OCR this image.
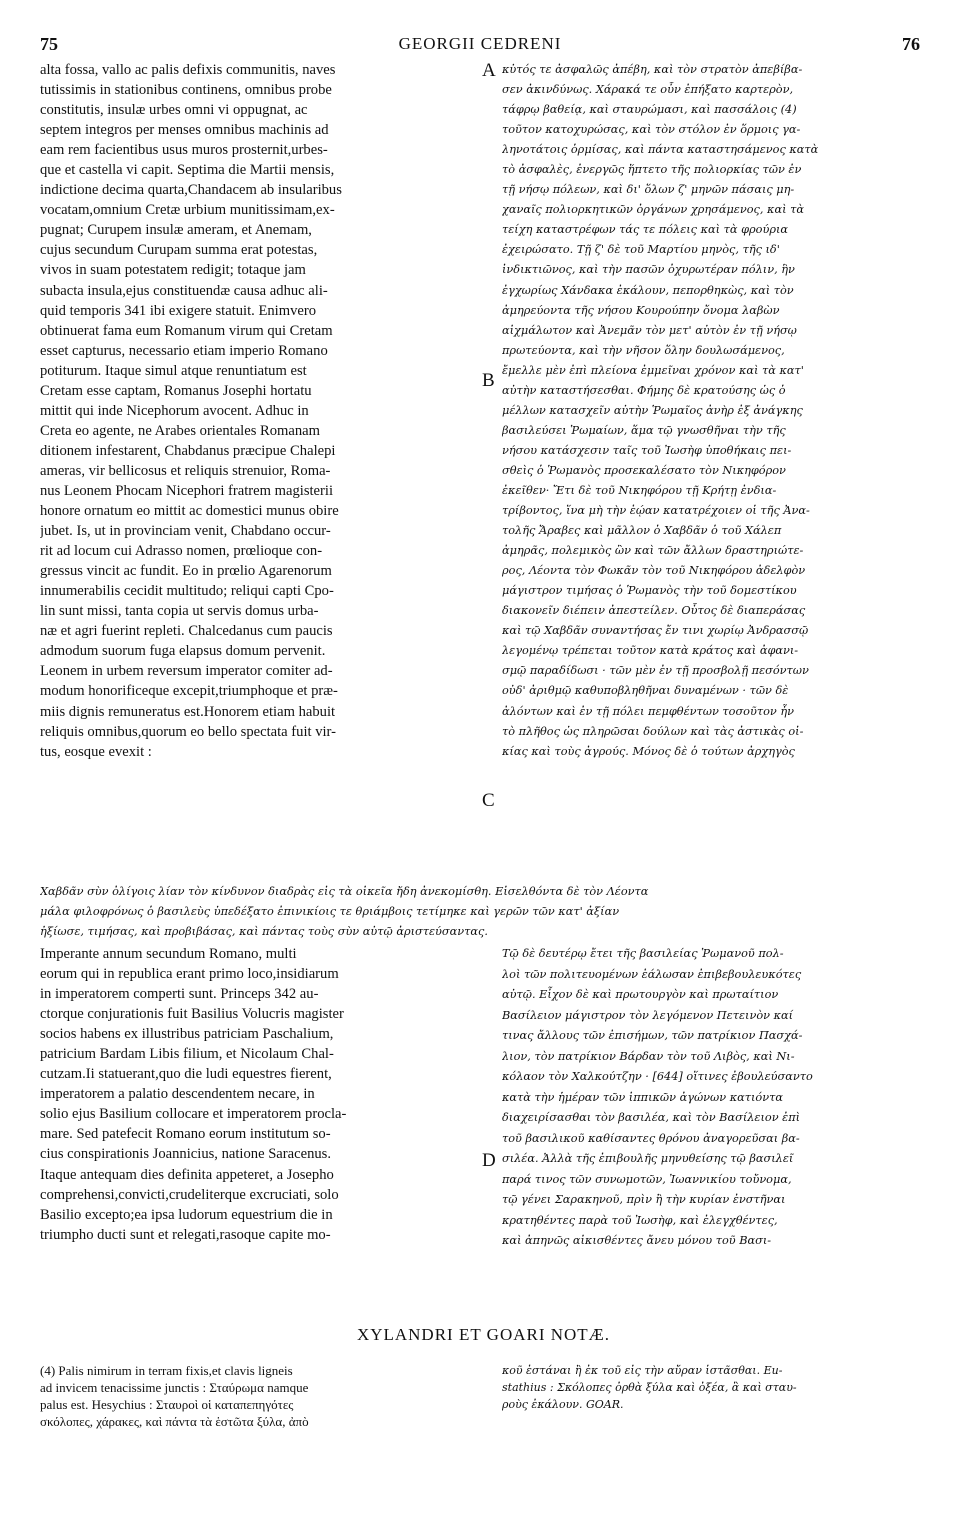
75	GEORGII CEDRENI	76
alta fossa, vallo ac palis defixis communitis, naves
tutissimis in stationibus continens, omnibus probe
constitutis, insulæ urbes omni vi oppugnat, ac
septem integros per menses omnibus machinis ad
eam rem facientibus usus muros prosternit,urbes-
que et castella vi capit. Septima die Martii mensis,
indictione decima quarta,Chandacem ab insularibus
vocatam,omnium Cretæ urbium munitissimam,ex-
pugnat; Curupem insulæ ameram, et Anemam,
cujus secundum Curupam summa erat potestas,
vivos in suam potestatem redigit; totaque jam
subacta insula,ejus constituendæ causa adhuc ali-
quid temporis 341 ibi exigere statuit. Enimvero
obtinuerat fama eum Romanum virum qui Cretam
esset capturus, necessario etiam imperio Romano
potiturum. Itaque simul atque renuntiatum est
Cretam esse captam, Romanus Josephi hortatu
mittit qui inde Nicephorum avocent. Adhuc in
Creta eo agente, ne Arabes orientales Romanam
ditionem infestarent, Chabdanus præcipue Chalepi
ameras, vir bellicosus et reliquis strenuior, Roma-
nus Leonem Phocam Nicephori fratrem magisterii
honore ornatum eo mittit ac domestici munus obire
jubet. Is, ut in provinciam venit, Chabdano occur-
rit ad locum cui Adrasso nomen, prœlioque con-
gressus vincit ac fundit. Eo in prœlio Agarenorum
innumerabilis cecidit multitudo; reliqui capti Cpo-
lin sunt missi, tanta copia ut servis domus urba-
næ et agri fuerint repleti. Chalcedanus cum paucis
admodum suorum fuga elapsus domum pervenit.
Leonem in urbem reversum imperator comiter ad-
modum honorificeque excepit,triumphoque et præ-
miis dignis remuneratus est.Honorem etiam habuit
reliquis omnibus,quorum eo bello spectata fuit vir-
tus, eosque evexit :
κὐτός τε ἀσφαλῶς ἀπέβη, καὶ τὸν στρατὸν ἀπεβίβα-
σεν ἀκινδύνως. Χάρακά τε οὖν ἐπήξατο καρτερὸν,
τάφρῳ βαθείᾳ, καὶ σταυρώμασι, καὶ πασσάλοις (4)
τοῦτον κατοχυρώσας, καὶ τὸν στόλον ἐν ὅρμοις γα-
ληνοτάτοις ὁρμίσας, καὶ πάντα καταστησάμενος κατὰ
τὸ ἀσφαλὲς, ἐνεργῶς ἥπτετο τῆς πολιορκίας τῶν ἐν
τῇ νήσῳ πόλεων, καὶ δι' ὅλων ζ' μηνῶν πάσαις μη-
χαναῖς πολιορκητικῶν ὀργάνων χρησάμενος, καὶ τὰ
τείχη καταστρέφων τάς τε πόλεις καὶ τὰ φρούρια
ἐχειρώσατο. Τῇ ζ' δὲ τοῦ Μαρτίου μηνὸς, τῆς ιδ'
ἰνδικτιῶνος, καὶ τὴν πασῶν ὀχυρωτέραν πόλιν, ἣν
ἐγχωρίως Χάνδακα ἐκάλουν, πεπορθηκὼς, καὶ τὸν
ἀμηρεύοντα τῆς νήσου Κουρούπην ὄνομα λαβὼν
αἰχμάλωτον καὶ Ἀνεμᾶν τὸν μετ' αὐτὸν ἐν τῇ νήσῳ
πρωτεύοντα, καὶ τὴν νῆσον ὅλην δουλωσάμενος,
ἔμελλε μὲν ἐπὶ πλείονα ἐμμεῖναι χρόνον καὶ τὰ κατ'
αὐτὴν καταστήσεσθαι. Φήμης δὲ κρατούσης ὡς ὁ
μέλλων κατασχεῖν αὐτὴν Ῥωμαῖος ἀνὴρ ἐξ ἀνάγκης
βασιλεύσει Ῥωμαίων, ἅμα τῷ γνωσθῆναι τὴν τῆς
νήσου κατάσχεσιν ταῖς τοῦ Ἰωσὴφ ὑποθήκαις πει-
σθεὶς ὁ Ῥωμανὸς προσεκαλέσατο τὸν Νικηφόρον
ἐκεῖθεν· Ἔτι δὲ τοῦ Νικηφόρου τῇ Κρήτῃ ἐνδια-
τρίβοντος, ἵνα μὴ τὴν ἑῴαν κατατρέχοιεν οἱ τῆς Ἀνα-
τολῆς Ἄραβες καὶ μᾶλλον ὁ Χαβδᾶν ὁ τοῦ Χάλεπ
ἀμηρᾶς, πολεμικὸς ὢν καὶ τῶν ἄλλων δραστηριώτε-
ρος, Λέοντα τὸν Φωκᾶν τὸν τοῦ Νικηφόρου ἀδελφὸν
μάγιστρον τιμήσας ὁ Ῥωμανὸς τὴν τοῦ δομεστίκου
διακονεῖν διέπειν ἀπεστείλεν. Οὗτος δὲ διαπεράσας
καὶ τῷ Χαβδᾶν συναντήσας ἔν τινι χωρίῳ Ἀνδρασσῷ
λεγομένῳ τρέπεται τοῦτον κατὰ κράτος καὶ ἀφανι-
σμῷ παραδίδωσι · τῶν μὲν ἐν τῇ προσβολῇ πεσόντων
οὐδ' ἀριθμῷ καθυποβληθῆναι δυναμένων · τῶν δὲ
ἀλόντων καὶ ἐν τῇ πόλει πεμφθέντων τοσοῦτον ἦν
τὸ πλῆθος ὡς πληρῶσαι δούλων καὶ τὰς ἀστικὰς οἰ-
κίας καὶ τοὺς ἀγρούς. Μόνος δὲ ὁ τούτων ἀρχηγὸς
A
B
C
D
Χαβδᾶν σὺν ὀλίγοις λίαν τὸν κίνδυνον διαδρὰς εἰς τὰ οἰκεῖα ἤδη ἀνεκομίσθη. Εἰσελθόντα δὲ τὸν Λέοντα
μάλα φιλοφρόνως ὁ βασιλεὺς ὑπεδέξατο ἐπινικίοις τε θριάμβοις τετίμηκε καὶ γερῶν τῶν κατ' ἀξίαν
ἠξίωσε, τιμήσας, καὶ προβιβάσας, καὶ πάντας τοὺς σὺν αὐτῷ ἀριστεύσαντας.
Imperante annum secundum Romano, multi
eorum qui in republica erant primo loco,insidiarum
in imperatorem comperti sunt. Princeps 342 au-
ctorque conjurationis fuit Basilius Volucris magister
socios habens ex illustribus patriciam Paschalium,
patricium Bardam Libis filium, et Nicolaum Chal-
cutzam.Ii statuerant,quo die ludi equestres fierent,
imperatorem a palatio descendentem necare, in
solio ejus Basilium collocare et imperatorem procla-
mare. Sed patefecit Romano eorum institutum so-
cius conspirationis Joannicius, natione Saracenus.
Itaque antequam dies definita appeteret, a Josepho
comprehensi,convicti,crudeliterque excruciati, solo
Basilio excepto;ea ipsa ludorum equestrium die in
triumpho ducti sunt et relegati,rasoque capite mo-
Τῷ δὲ δευτέρῳ ἔτει τῆς βασιλείας Ῥωμανοῦ πολ-
λοὶ τῶν πολιτευομένων ἑάλωσαν ἐπιβεβουλευκότες
αὐτῷ. Εἶχον δὲ καὶ πρωτουργὸν καὶ πρωταίτιον
Βασίλειον μάγιστρον τὸν λεγόμενον Πετεινὸν καί
τινας ἄλλους τῶν ἐπισήμων, τῶν πατρίκιον Πασχά-
λιον, τὸν πατρίκιον Βάρδαν τὸν τοῦ Λιβὸς, καὶ Νι-
κόλαον τὸν Χαλκούτζην · [644] οἵτινες ἐβουλεύσαντο
κατὰ τὴν ἡμέραν τῶν ἱππικῶν ἀγώνων κατιόντα
διαχειρίσασθαι τὸν βασιλέα, καὶ τὸν Βασίλειον ἐπὶ
τοῦ βασιλικοῦ καθίσαντες θρόνου ἀναγορεῦσαι βα-
σιλέα. Ἀλλὰ τῆς ἐπιβουλῆς μηνυθείσης τῷ βασιλεῖ
παρά τινος τῶν συνωμοτῶν, Ἰωαννικίου τοὔνομα,
τῷ γένει Σαρακηνοῦ, πρὶν ἢ τὴν κυρίαν ἐνστῆναι
κρατηθέντες παρὰ τοῦ Ἰωσὴφ, καὶ ἐλεγχθέντες,
καὶ ἀπηνῶς αἰκισθέντες ἄνευ μόνου τοῦ Βασι-
XYLANDRI ET GOARI NOTÆ.
(4) Palis nimirum in terram fixis,et clavis ligneis
ad invicem tenacissime junctis : Σταύρωμα namque
palus est. Hesychius : Σταυροὶ οἱ καταπεπηγότες
σκόλοπες, χάρακες, καὶ πάντα τὰ ἑστῶτα ξύλα, ἀπὸ
κοῦ ἑστάναι ἢ ἐκ τοῦ εἰς τὴν αὔραν ἱστᾶσθαι. Eu-
stathius : Σκόλοπες ὀρθὰ ξύλα καὶ ὀξέα, ἃ καὶ σταυ-
ροὺς ἐκάλουν. GOAR.
